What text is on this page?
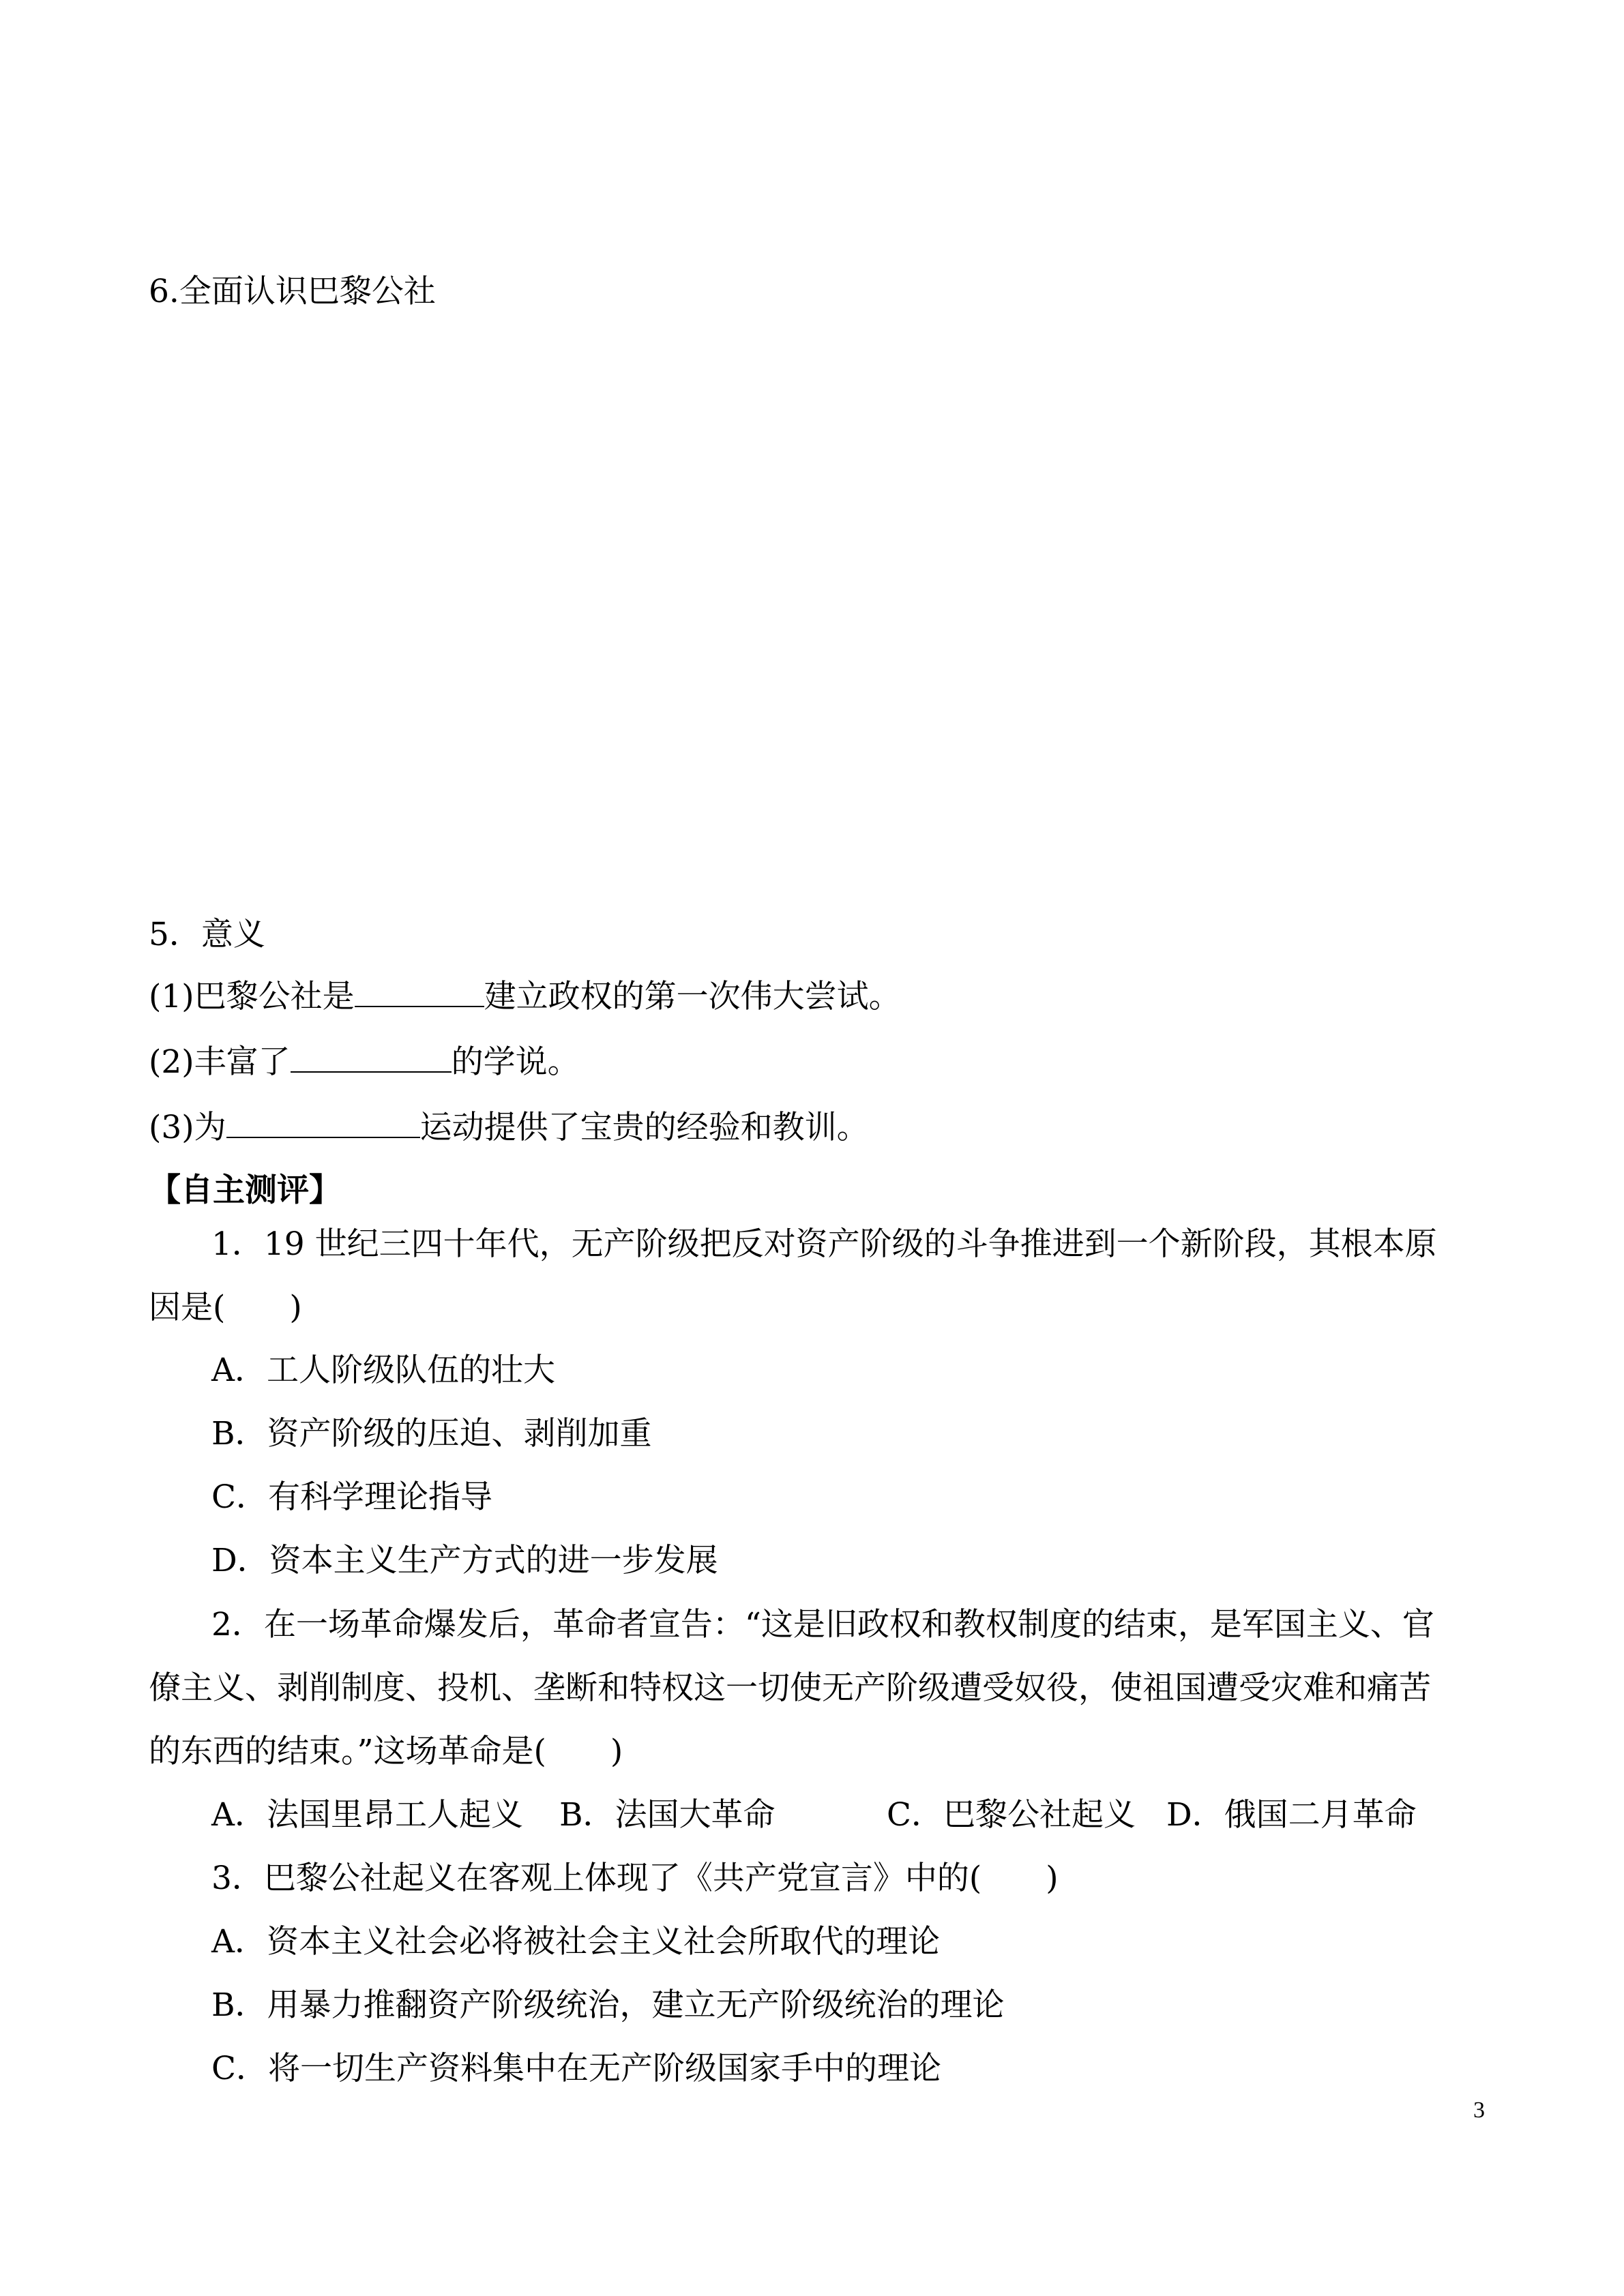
6.全面认识巴黎公社
5．意义
(1)巴黎公社是	建立政权的第一次伟大尝试。
(2)丰富了	的学说。
(3)为	运动提供了宝贵的经验和教训。
【自主测评】
1．19 世纪三四十年代，无产阶级把反对资产阶级的斗争推进到一个新阶段，其根本原
因是(　　)
A．工人阶级队伍的壮大
B．资产阶级的压迫、剥削加重
C．有科学理论指导
D．资本主义生产方式的进一步发展
2．在一场革命爆发后，革命者宣告：“这是旧政权和教权制度的结束，是军国主义、官
僚主义、剥削制度、投机、垄断和特权这一切使无产阶级遭受奴役，使祖国遭受灾难和痛苦
的东西的结束。”这场革命是(　　)
A．法国里昂工人起义 B．法国大革命	C．巴黎公社起义 D．俄国二月革命
3．巴黎公社起义在客观上体现了《共产党宣言》中的(　　)
A．资本主义社会必将被社会主义社会所取代的理论
B．用暴力推翻资产阶级统治，建立无产阶级统治的理论
C．将一切生产资料集中在无产阶级国家手中的理论
3
